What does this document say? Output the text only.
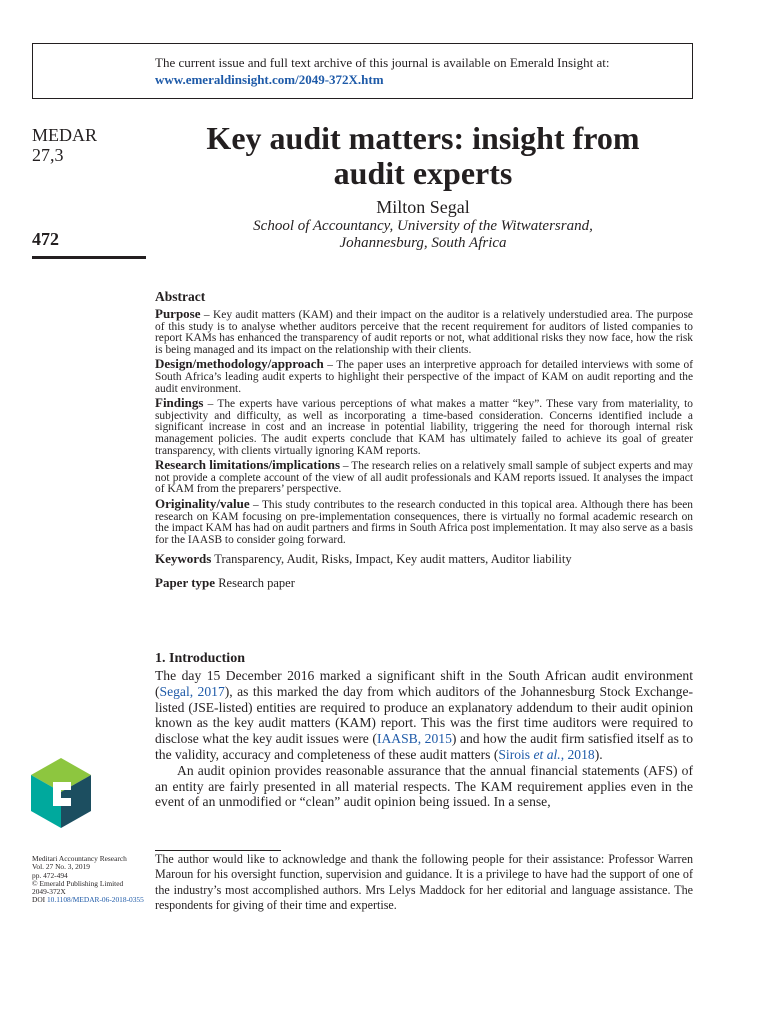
The current issue and full text archive of this journal is available on Emerald Insight at:
www.emeraldinsight.com/2049-372X.htm
MEDAR
27,3
472
Key audit matters: insight from
audit experts
Milton Segal
School of Accountancy, University of the Witwatersrand,
Johannesburg, South Africa
Abstract
Purpose – Key audit matters (KAM) and their impact on the auditor is a relatively understudied area. The purpose of this study is to analyse whether auditors perceive that the recent requirement for auditors of listed companies to report KAMs has enhanced the transparency of audit reports or not, what additional risks they now face, how the risk is being managed and its impact on the relationship with their clients.
Design/methodology/approach – The paper uses an interpretive approach for detailed interviews with some of South Africa’s leading audit experts to highlight their perspective of the impact of KAM on audit reporting and the audit environment.
Findings – The experts have various perceptions of what makes a matter “key”. These vary from materiality, to subjectivity and difficulty, as well as incorporating a time-based consideration. Concerns identified include a significant increase in cost and an increase in potential liability, triggering the need for thorough internal risk management policies. The audit experts conclude that KAM has ultimately failed to achieve its goal of greater transparency, with clients virtually ignoring KAM reports.
Research limitations/implications – The research relies on a relatively small sample of subject experts and may not provide a complete account of the view of all audit professionals and KAM reports issued. It analyses the impact of KAM from the preparers’ perspective.
Originality/value – This study contributes to the research conducted in this topical area. Although there has been research on KAM focusing on pre-implementation consequences, there is virtually no formal academic research on the impact KAM has had on audit partners and firms in South Africa post implementation. It may also serve as a basis for the IAASB to consider going forward.
Keywords Transparency, Audit, Risks, Impact, Key audit matters, Auditor liability
Paper type Research paper
1. Introduction

The day 15 December 2016 marked a significant shift in the South African audit environment (Segal, 2017), as this marked the day from which auditors of the Johannesburg Stock Exchange-listed (JSE-listed) entities are required to produce an explanatory addendum to their audit opinion known as the key audit matters (KAM) report. This was the first time auditors were required to disclose what the key audit issues were (IAASB, 2015) and how the audit firm satisfied itself as to the validity, accuracy and completeness of these audit matters (Sirois et al., 2018).

An audit opinion provides reasonable assurance that the annual financial statements (AFS) of an entity are fairly presented in all material respects. The KAM requirement applies even in the event of an unmodified or “clean” audit opinion being issued. In a sense,

Meditari Accountancy Research
Vol. 27 No. 3, 2019
pp. 472-494
© Emerald Publishing Limited
2049-372X
DOI 10.1108/MEDAR-06-2018-0355
The author would like to acknowledge and thank the following people for their assistance: Professor Warren Maroun for his oversight function, supervision and guidance. It is a privilege to have had the support of one of the industry’s most accomplished authors. Mrs Lelys Maddock for her editorial and language assistance. The respondents for giving of their time and expertise.
